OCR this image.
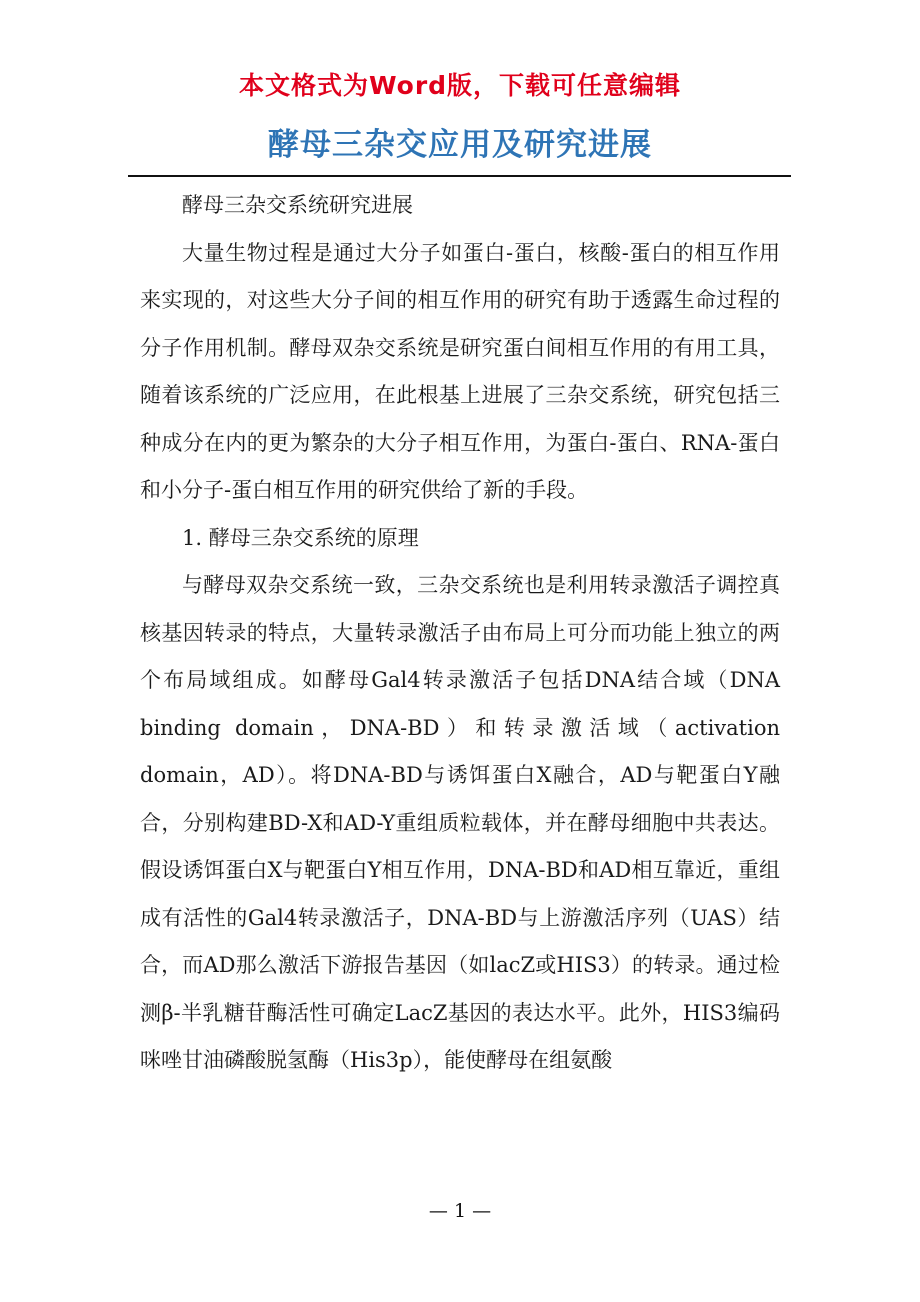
本文格式为Word版，下载可任意编辑
酵母三杂交应用及研究进展

酵母三杂交系统研究进展

大量生物过程是通过大分子如蛋白-蛋白，核酸-蛋白的相互作用来实现的，对这些大分子间的相互作用的研究有助于透露生命过程的分子作用机制。酵母双杂交系统是研究蛋白间相互作用的有用工具，随着该系统的广泛应用，在此根基上进展了三杂交系统，研究包括三种成分在内的更为繁杂的大分子相互作用，为蛋白-蛋白、RNA-蛋白和小分子-蛋白相互作用的研究供给了新的手段。

1. 酵母三杂交系统的原理

与酵母双杂交系统一致，三杂交系统也是利用转录激活子调控真核基因转录的特点，大量转录激活子由布局上可分而功能上独立的两个布局域组成。如酵母Gal4转录激活子包括DNA结合域（DNA binding domain，DNA-BD）和转录激活域（activation domain，AD）。将DNA-BD与诱饵蛋白X融合，AD与靶蛋白Y融合，分别构建BD-X和AD-Y重组质粒载体，并在酵母细胞中共表达。假设诱饵蛋白X与靶蛋白Y相互作用，DNA-BD和AD相互靠近，重组成有活性的Gal4转录激活子，DNA-BD与上游激活序列（UAS）结合，而AD那么激活下游报告基因（如lacZ或HIS3）的转录。通过检测β-半乳糖苷酶活性可确定LacZ基因的表达水平。此外，HIS3编码咪唑甘油磷酸脱氢酶（His3p），能使酵母在组氨酸

— 1 —
